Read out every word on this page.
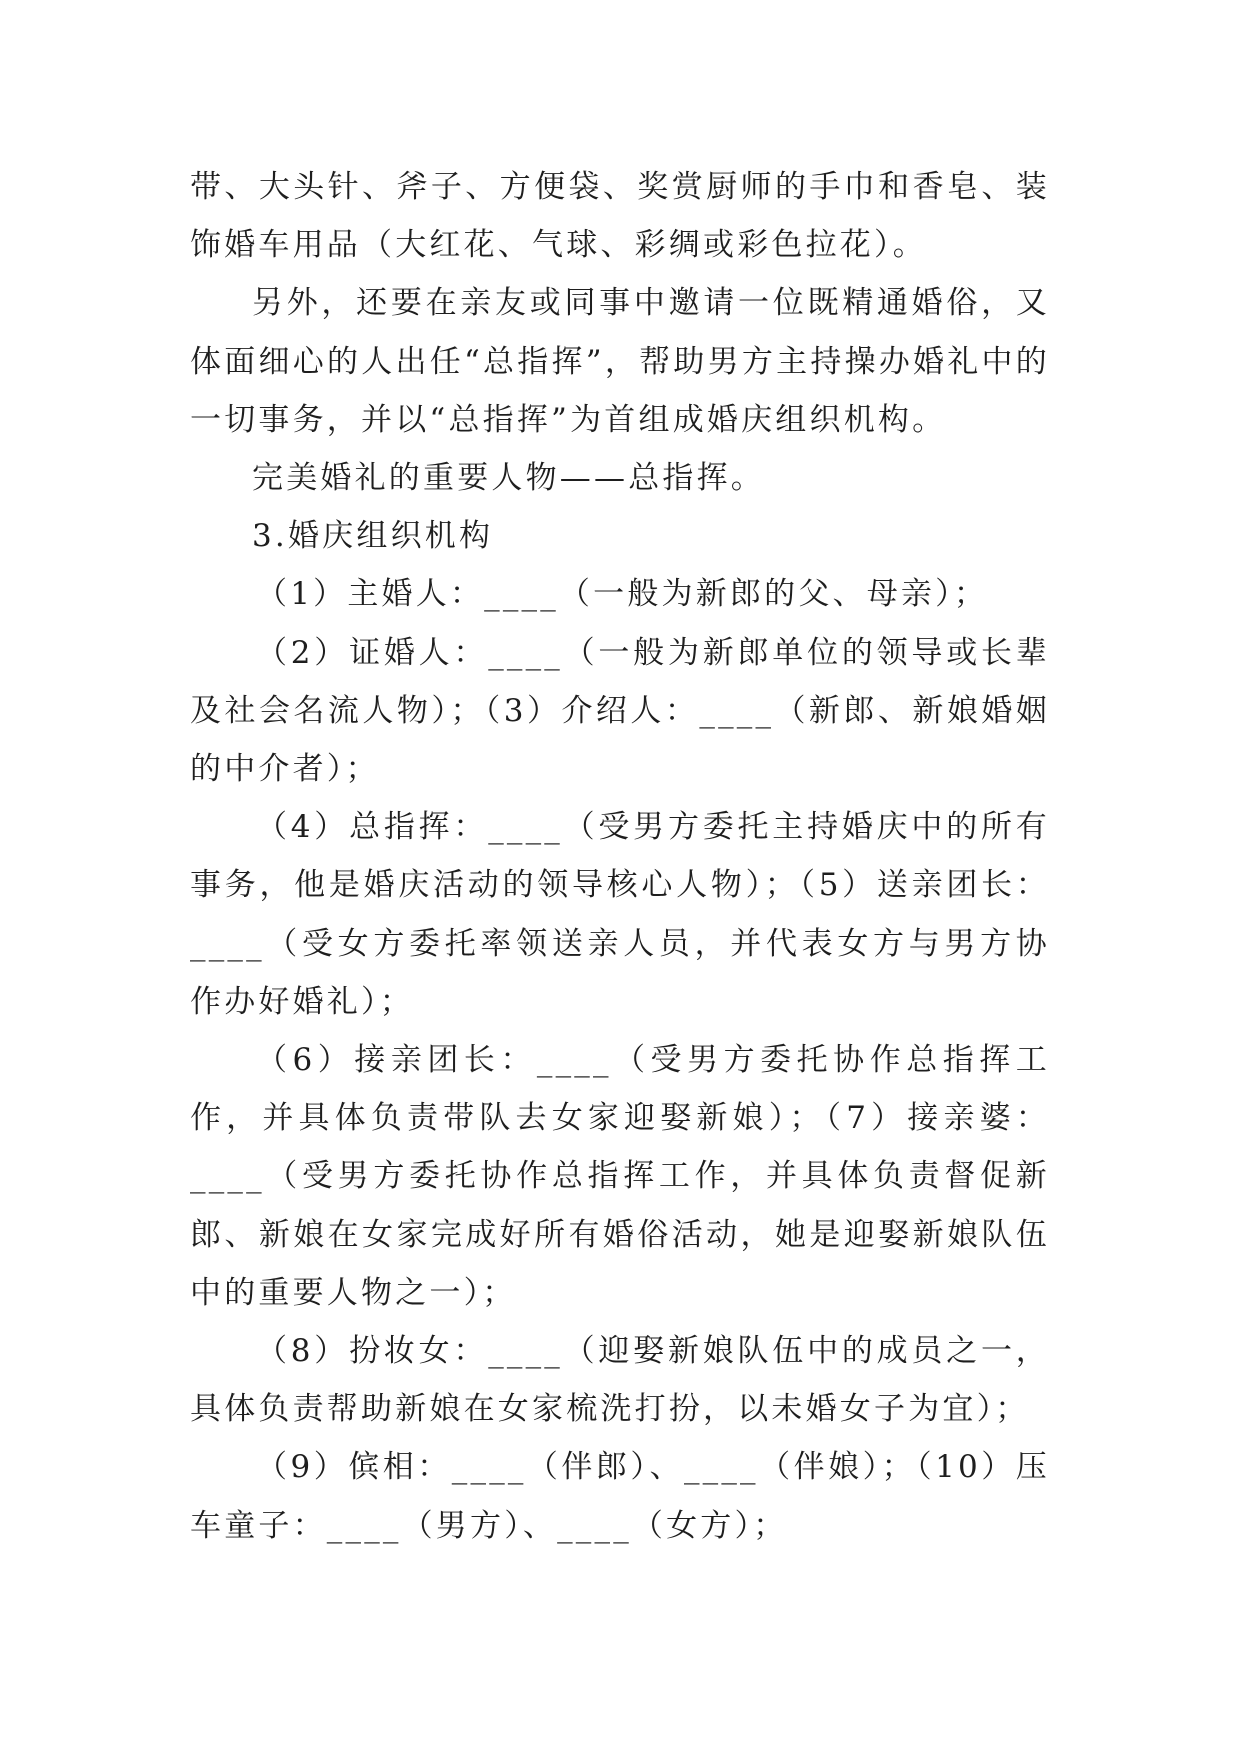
带、大头针、斧子、方便袋、奖赏厨师的手巾和香皂、装饰婚车用品（大红花、气球、彩绸或彩色拉花）。

另外，还要在亲友或同事中邀请一位既精通婚俗，又体面细心的人出任“总指挥”，帮助男方主持操办婚礼中的一切事务，并以“总指挥”为首组成婚庆组织机构。

完美婚礼的重要人物——总指挥。

3.婚庆组织机构

（1）主婚人：____（一般为新郎的父、母亲）；

（2）证婚人：____（一般为新郎单位的领导或长辈及社会名流人物）；（3）介绍人：____（新郎、新娘婚姻的中介者）；

（4）总指挥：____（受男方委托主持婚庆中的所有事务，他是婚庆活动的领导核心人物）；（5）送亲团长：____（受女方委托率领送亲人员，并代表女方与男方协作办好婚礼）；

（6）接亲团长：____（受男方委托协作总指挥工作，并具体负责带队去女家迎娶新娘）；（7）接亲婆：____（受男方委托协作总指挥工作，并具体负责督促新郎、新娘在女家完成好所有婚俗活动，她是迎娶新娘队伍中的重要人物之一）；

（8）扮妆女：____（迎娶新娘队伍中的成员之一，具体负责帮助新娘在女家梳洗打扮，以未婚女子为宜）；

（9）傧相：____（伴郎）、____（伴娘）；（10）压车童子：____（男方）、____（女方）；
